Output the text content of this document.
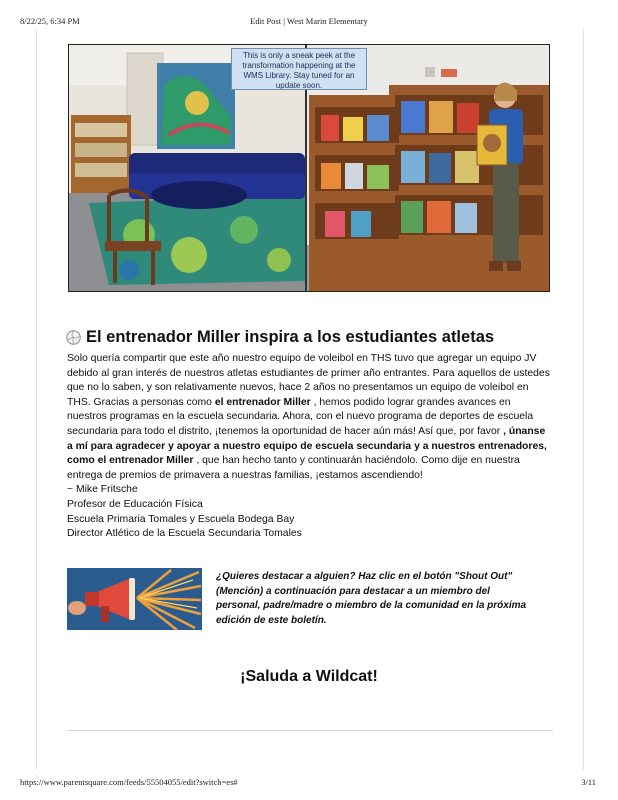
8/22/25, 6:34 PM	Edit Post | West Marin Elementary
This is only a sneak peek at the transformation happening at the WMS Library. Stay tuned for an update soon.
El entrenador Miller inspira a los estudiantes atletas

Solo quería compartir que este año nuestro equipo de voleibol en THS tuvo que agregar un equipo JV debido al gran interés de nuestros atletas estudiantes de primer año entrantes. Para aquellos de ustedes que no lo saben, y son relativamente nuevos, hace 2 años no presentamos un equipo de voleibol en THS. Gracias a personas como el entrenador Miller , hemos podido lograr grandes avances en nuestros programas en la escuela secundaria. Ahora, con el nuevo programa de deportes de escuela secundaria para todo el distrito, ¡tenemos la oportunidad de hacer aún más! Así que, por favor , únanse a mí para agradecer y apoyar a nuestro equipo de escuela secundaria y a nuestros entrenadores, como el entrenador Miller , que han hecho tanto y continuarán haciéndolo. Como dije en nuestra entrega de premios de primavera a nuestras familias, ¡estamos ascendiendo!

~ Mike Fritsche

Profesor de Educación Física

Escuela Primaria Tomales y Escuela Bodega Bay

Director Atlético de la Escuela Secundaria Tomales

¿Quieres destacar a alguien? Haz clic en el botón "Shout Out" (Mención) a continuación para destacar a un miembro del personal, padre/madre o miembro de la comunidad en la próxima edición de este boletín.
¡Saluda a Wildcat!
https://www.parentsquare.com/feeds/55504055/edit?switch=es#	3/11
